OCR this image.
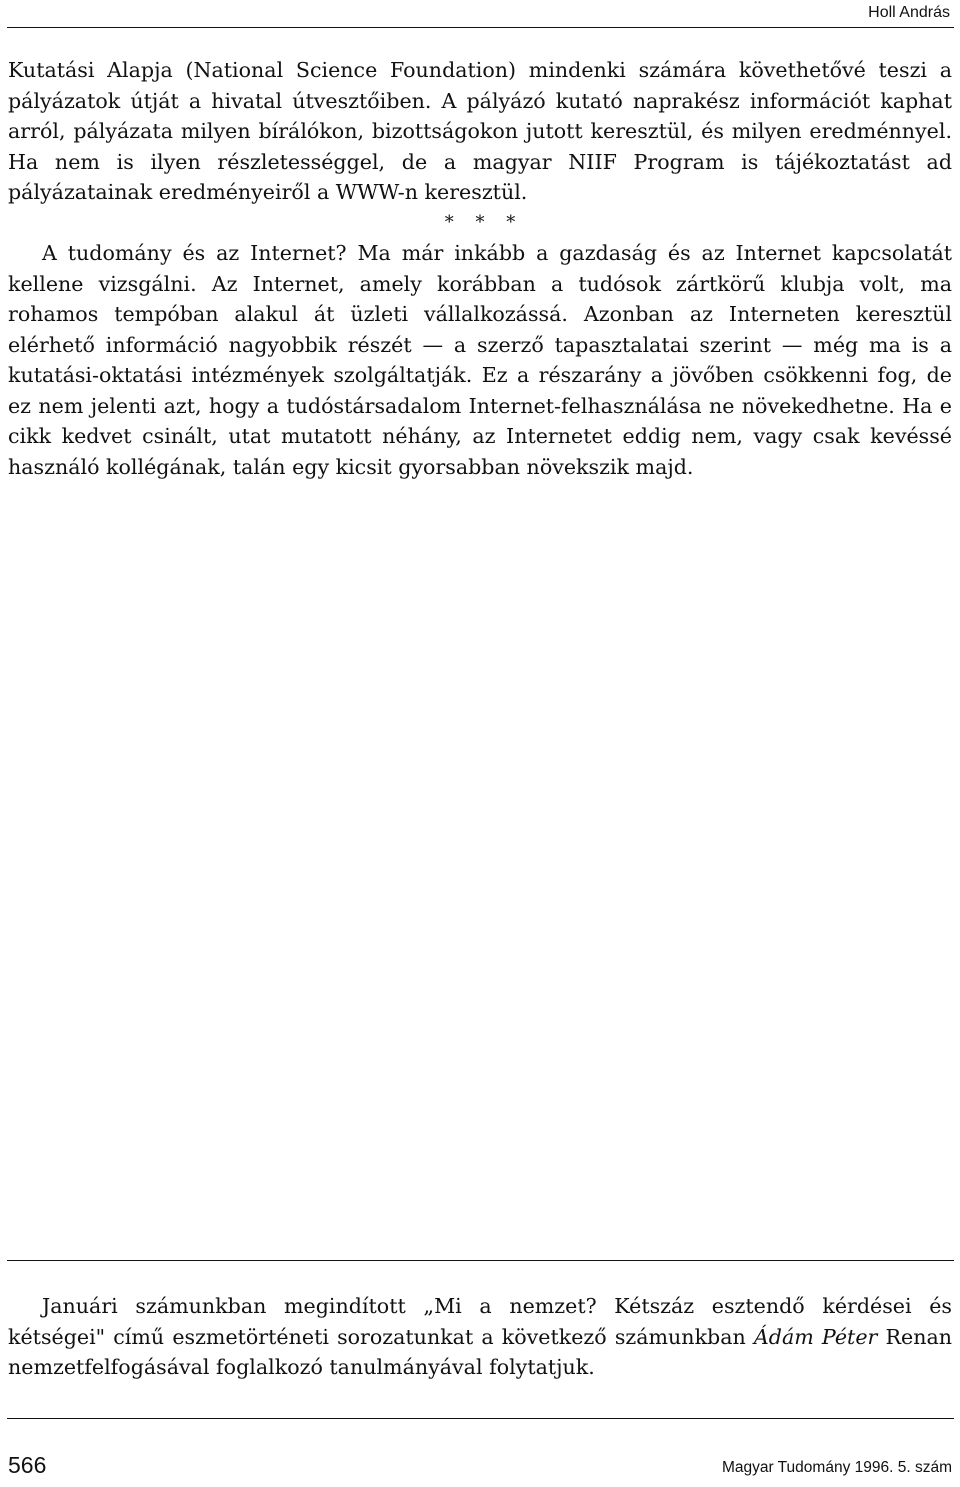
Holl András

Kutatási Alapja (National Science Foundation) mindenki számára követhetővé teszi a pályázatok útját a hivatal útvesztőiben. A pályázó kutató naprakész információt kaphat arról, pályázata milyen bírálókon, bizottságokon jutott keresztül, és milyen eredménnyel. Ha nem is ilyen részletességgel, de a magyar NIIF Program is tájékoztatást ad pályázatainak eredményeiről a WWW-n keresztül.

* * *

A tudomány és az Internet? Ma már inkább a gazdaság és az Internet kapcsolatát kellene vizsgálni. Az Internet, amely korábban a tudósok zártkörű klubja volt, ma rohamos tempóban alakul át üzleti vállalkozássá. Azonban az Interneten keresztül elérhető információ nagyobbik részét — a szerző tapasztalatai szerint — még ma is a kutatási-oktatási intézmények szolgáltatják. Ez a részarány a jövőben csökkenni fog, de ez nem jelenti azt, hogy a tudóstársadalom Internet-felhasználása ne növekedhetne. Ha e cikk kedvet csinált, utat mutatott néhány, az Internetet eddig nem, vagy csak kevéssé használó kollégának, talán egy kicsit gyorsabban növekszik majd.

Januári számunkban megindított „Mi a nemzet? Kétszáz esztendő kérdései és kétségei" című eszmetörténeti sorozatunkat a következő számunkban Ádám Péter Renan nemzetfelfogásával foglalkozó tanulmányával folytatjuk.

566	Magyar Tudomány 1996. 5. szám
